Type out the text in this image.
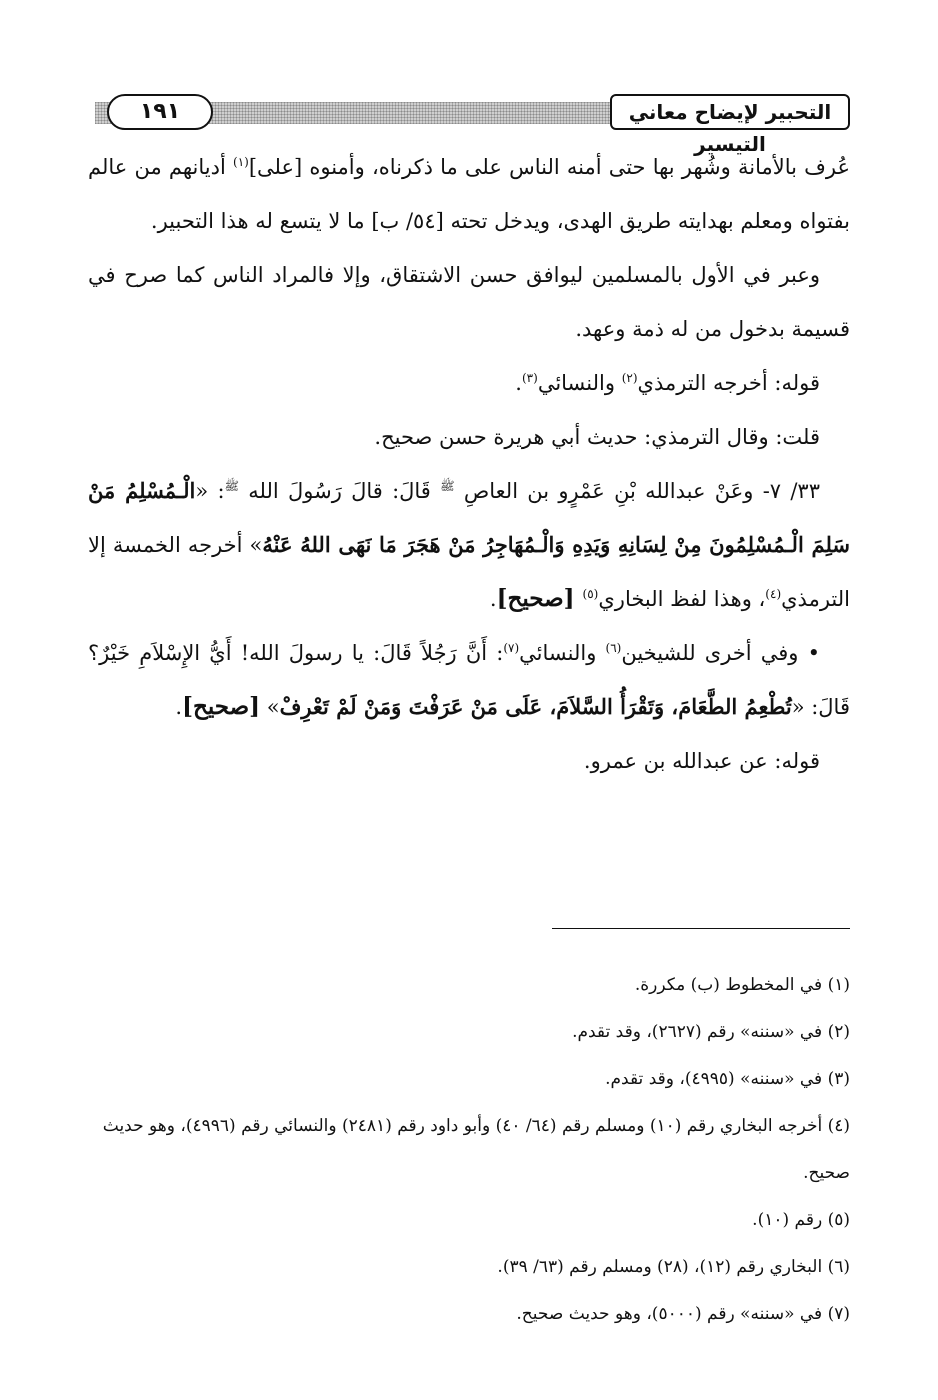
التحبير لإيضاح معاني التيسير
١٩١

عُرف بالأمانة وشُهر بها حتى أمنه الناس على ما ذكرناه، وأمنوه [على]$^{(١)}$ أديانهم من عالم بفتواه ومعلم بهدايته طريق الهدى، ويدخل تحته [٥٤/ ب] ما لا يتسع له هذا التحبير.

وعبر في الأول بالمسلمين ليوافق حسن الاشتقاق، وإلا فالمراد الناس كما صرح في قسيمة بدخول من له ذمة وعهد.

قوله: أخرجه الترمذي$^{(٢)}$ والنسائي$^{(٣)}$.

قلت: وقال الترمذي: حديث أبي هريرة حسن صحيح.

٣٣/ ٧- وعَنْ عبدالله بْنِ عَمْرٍو بن العاصِ $^ﷺ$ قَالَ: قالَ رَسُولَ الله $^ﷺ$: «الْـمُسْلِمُ مَنْ سَلِمَ الْـمُسْلِمُونَ مِنْ لِسَانِهِ وَيَدِهِ وَالْـمُهَاجِرُ مَنْ هَجَرَ مَا نَهَى اللهُ عَنْهُ» أخرجه الخمسة إلا الترمذي$^{(٤)}$، وهذا لفظ البخاري$^{(٥)}$ [صحيح].

• وفي أخرى للشيخين$^{(٦)}$ والنسائي$^{(٧)}$: أَنَّ رَجُلاً قَالَ: يا رسولَ الله! أَيُّ الإِسْلاَمِ خَيْرٌ؟ قَالَ: «تُطْعِمُ الطَّعَامَ، وَتَقْرَأُ السَّلاَمَ، عَلَى مَنْ عَرَفْتَ وَمَنْ لَمْ تَعْرِفْ» [صحيح].

قوله: عن عبدالله بن عمرو.

(١) في المخطوط (ب) مكررة.

(٢) في «سننه» رقم (٢٦٢٧)، وقد تقدم.

(٣) في «سننه» (٤٩٩٥)، وقد تقدم.

(٤) أخرجه البخاري رقم (١٠) ومسلم رقم (٦٤/ ٤٠) وأبو داود رقم (٢٤٨١) والنسائي رقم (٤٩٩٦)، وهو حديث صحيح.

(٥) رقم (١٠).

(٦) البخاري رقم (١٢)، (٢٨) ومسلم رقم (٦٣/ ٣٩).

(٧) في «سننه» رقم (٥٠٠٠)، وهو حديث صحيح.
